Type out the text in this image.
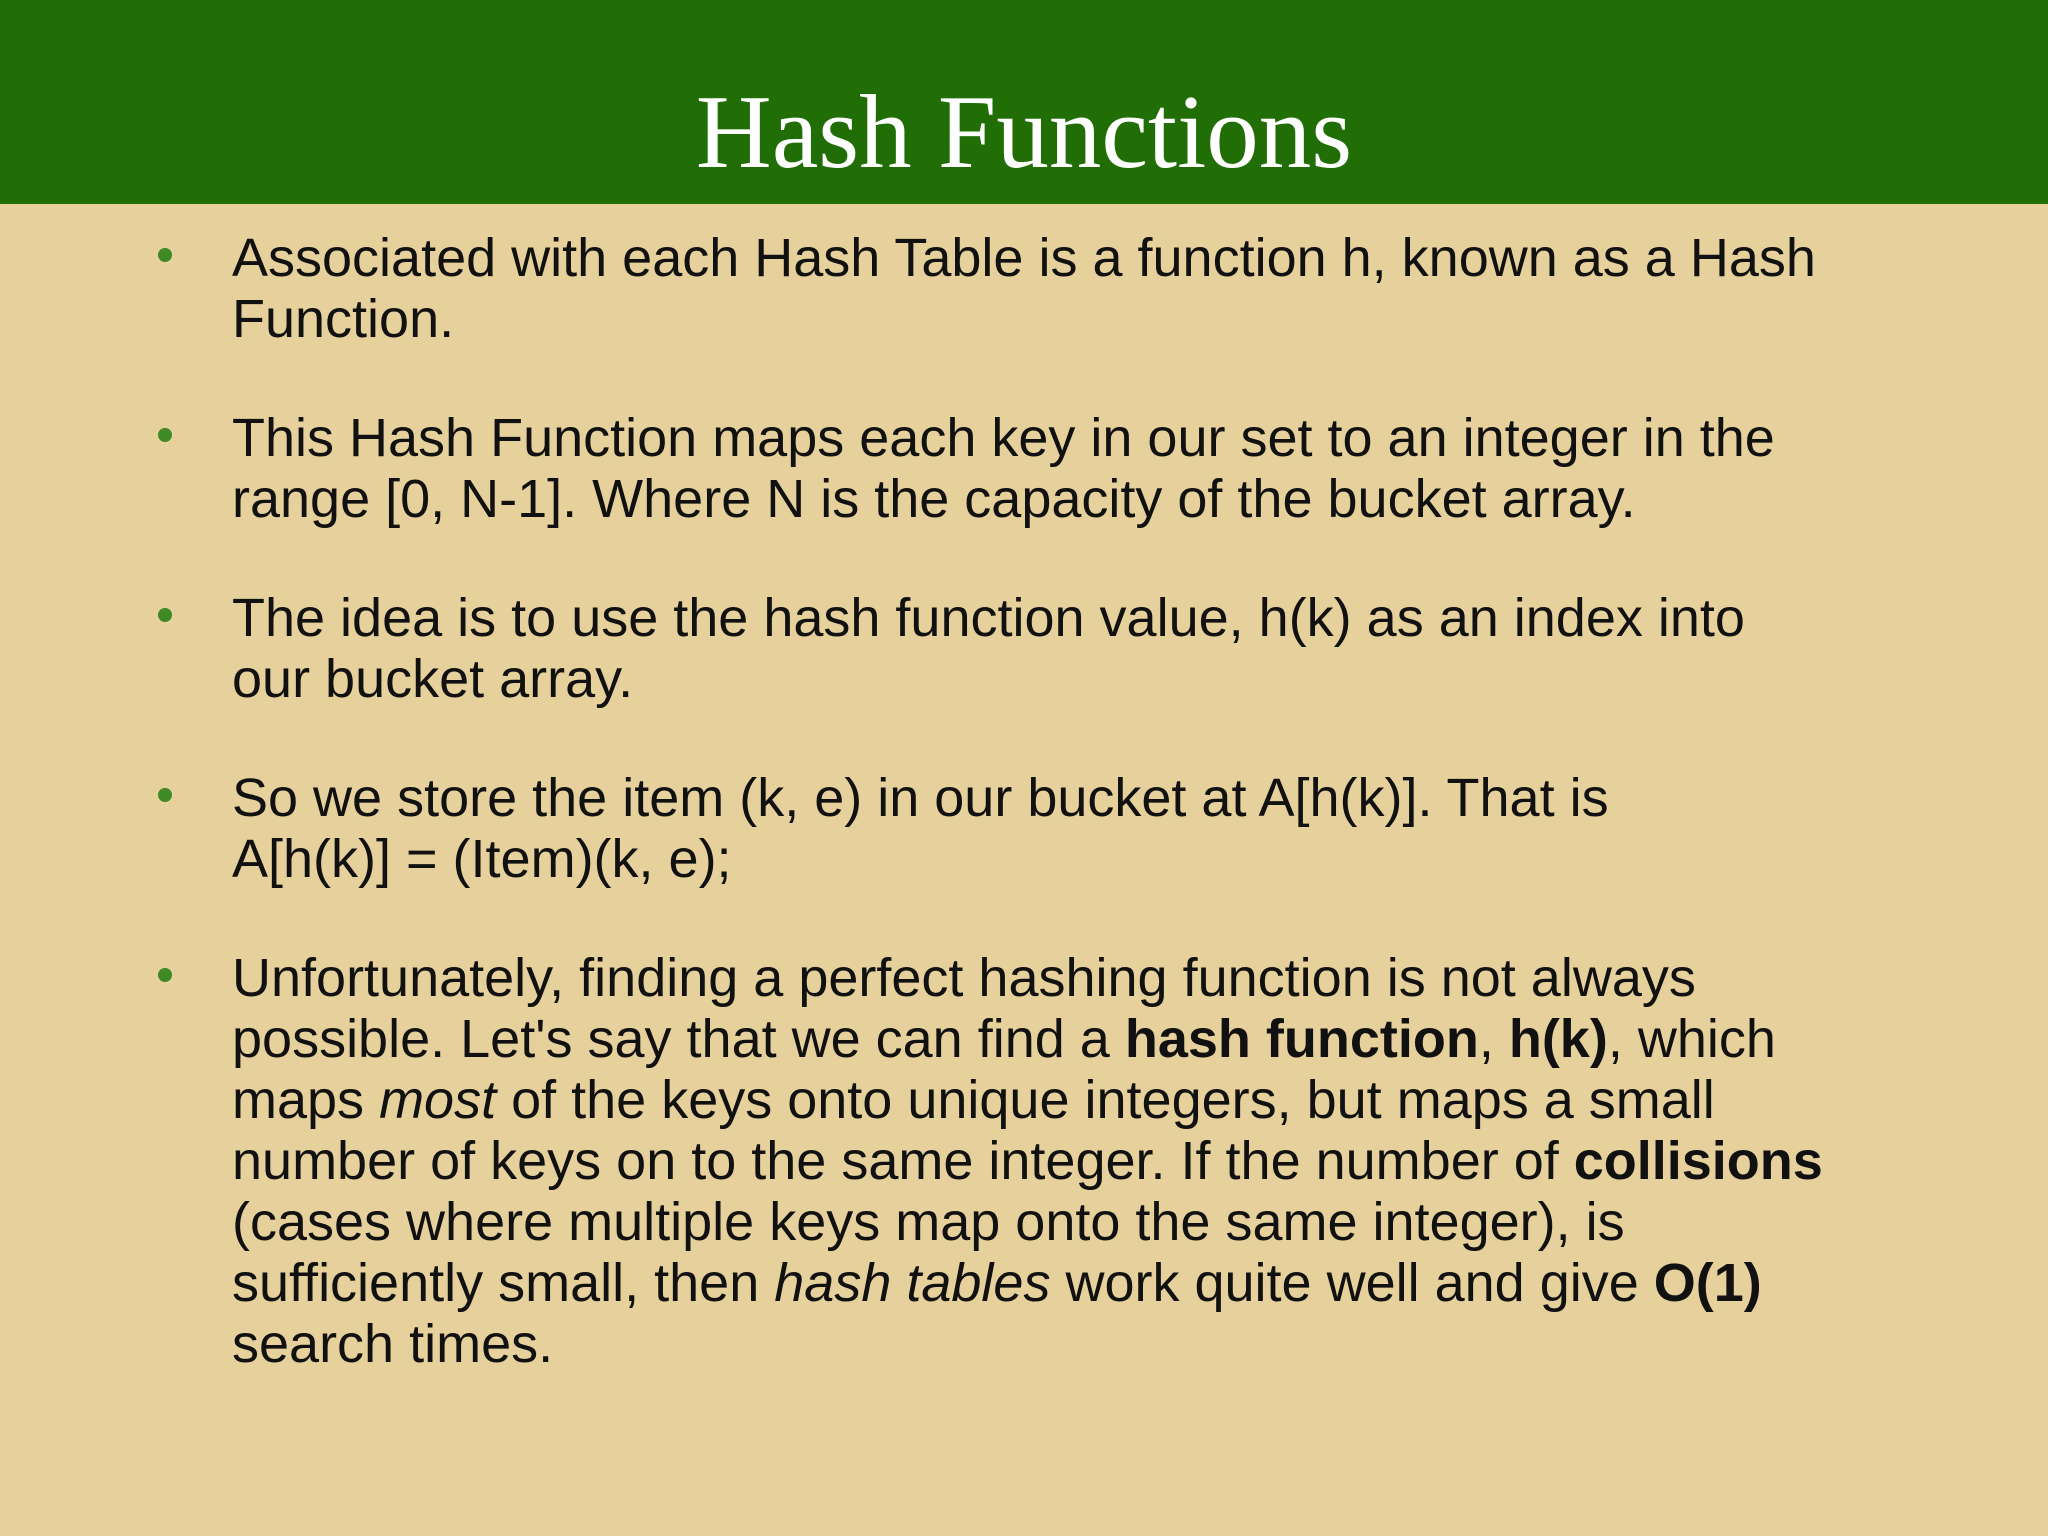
Hash Functions
Associated with each Hash Table is a function h, known as a Hash Function.
This Hash Function maps each key in our set to an integer in the range [0, N-1]. Where N is the capacity of the bucket array.
The idea is to use the hash function value, h(k) as an index into our bucket array.
So we store the item (k, e) in our bucket at A[h(k)]. That is A[h(k)] = (Item)(k, e);
Unfortunately, finding a perfect hashing function is not always possible. Let's say that we can find a hash function, h(k), which maps most of the keys onto unique integers, but maps a small number of keys on to the same integer. If the number of collisions (cases where multiple keys map onto the same integer), is sufficiently small, then hash tables work quite well and give O(1) search times.
